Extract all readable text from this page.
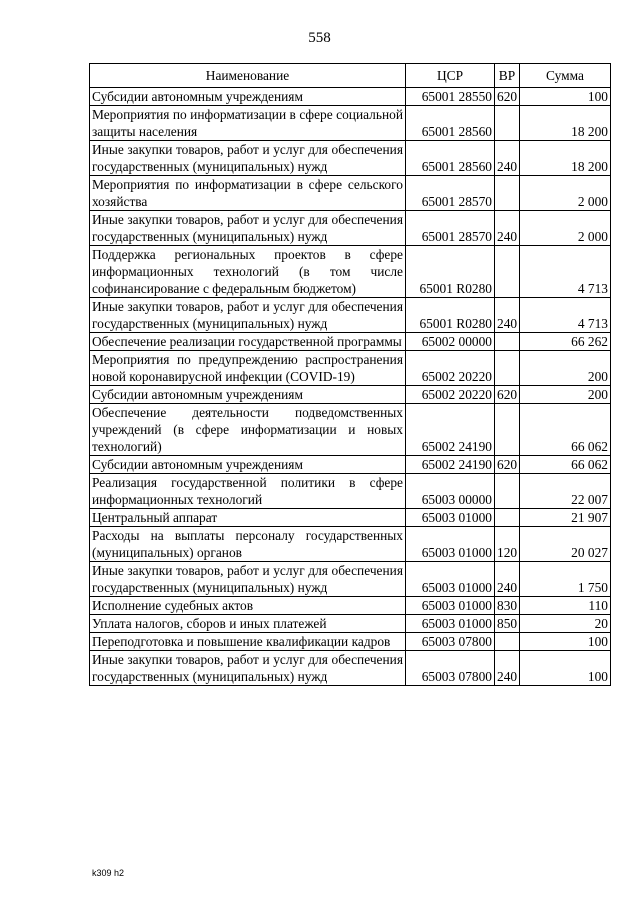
558
Наименование	ЦСР	ВР	Сумма
Субсидии автономным учреждениям	65001 28550	620	100
Мероприятия по информатизации в сфере социальной защиты населения	65001 28560		18 200
Иные закупки товаров, работ и услуг для обеспечения государственных (муниципальных) нужд	65001 28560	240	18 200
Мероприятия по информатизации в сфере сельского хозяйства	65001 28570		2 000
Иные закупки товаров, работ и услуг для обеспечения государственных (муниципальных) нужд	65001 28570	240	2 000
Поддержка региональных проектов в сфере информационных технологий (в том числе софинансирование с федеральным бюджетом)	65001 R0280		4 713
Иные закупки товаров, работ и услуг для обеспечения государственных (муниципальных) нужд	65001 R0280	240	4 713
Обеспечение реализации государственной программы	65002 00000		66 262
Мероприятия по предупреждению распространения новой коронавирусной инфекции (COVID-19)	65002 20220		200
Субсидии автономным учреждениям	65002 20220	620	200
Обеспечение деятельности подведомственных учреждений (в сфере информатизации и новых технологий)	65002 24190		66 062
Субсидии автономным учреждениям	65002 24190	620	66 062
Реализация государственной политики в сфере информационных технологий	65003 00000		22 007
Центральный аппарат	65003 01000		21 907
Расходы на выплаты персоналу государственных (муниципальных) органов	65003 01000	120	20 027
Иные закупки товаров, работ и услуг для обеспечения государственных (муниципальных) нужд	65003 01000	240	1 750
Исполнение судебных актов	65003 01000	830	110
Уплата налогов, сборов и иных платежей	65003 01000	850	20
Переподготовка и повышение квалификации кадров	65003 07800		100
Иные закупки товаров, работ и услуг для обеспечения государственных (муниципальных) нужд	65003 07800	240	100
k309 h2
